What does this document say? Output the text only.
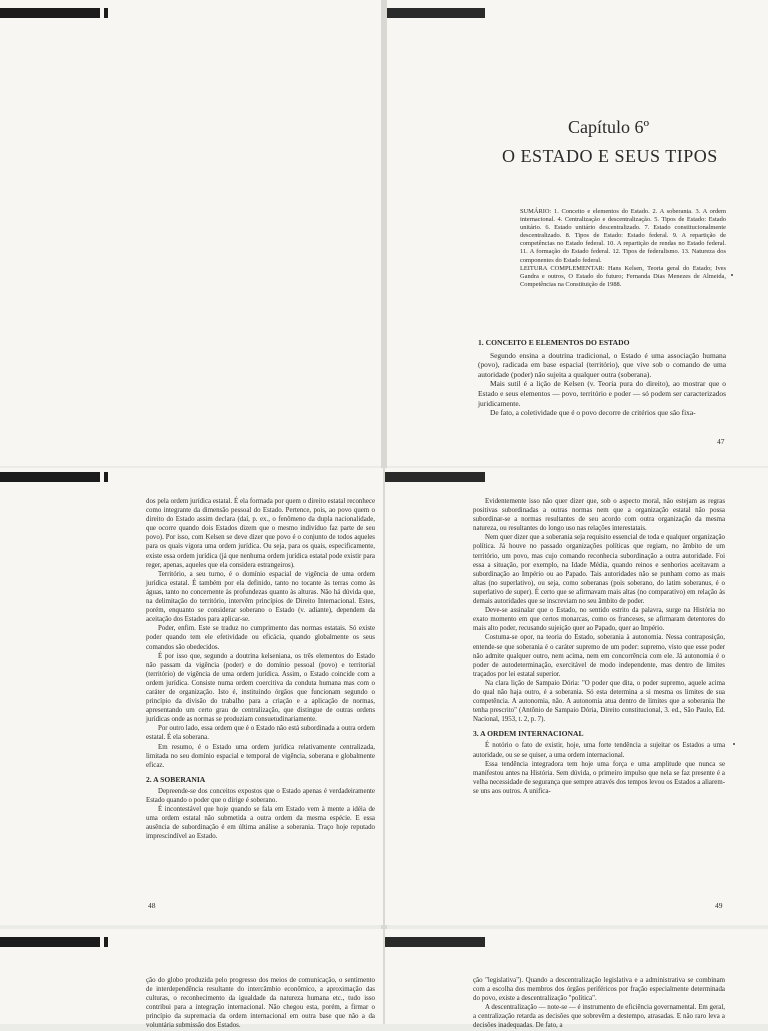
Capítulo 6º
O ESTADO E SEUS TIPOS

SUMÁRIO: 1. Conceito e elementos do Estado. 2. A soberania. 3. A ordem internacional. 4. Centralização e descentralização. 5. Tipos de Estado: Estado unitário. 6. Estado unitário descentralizado. 7. Estado constitucionalmente descentralizado. 8. Tipos de Estado: Estado federal. 9. A repartição de competências no Estado federal. 10. A repartição de rendas no Estado federal. 11. A formação do Estado federal. 12. Tipos de federalismo. 13. Natureza dos componentes do Estado federal.

LEITURA COMPLEMENTAR: Hans Kelsen, Teoria geral do Estado; Ives Gandra e outros, O Estado do futuro; Fernanda Dias Menezes de Almeida, Competências na Constituição de 1988.

1. CONCEITO E ELEMENTOS DO ESTADO

Segundo ensina a doutrina tradicional, o Estado é uma associação humana (povo), radicada em base espacial (território), que vive sob o comando de uma autoridade (poder) não sujeita a qualquer outra (soberana).

Mais sutil é a lição de Kelsen (v. Teoria pura do direito), ao mostrar que o Estado e seus elementos — povo, território e poder — só podem ser caracterizados juridicamente.

De fato, a coletividade que é o povo decorre de critérios que são fixa-

47

dos pela ordem jurídica estatal. É ela formada por quem o direito estatal reconhece como integrante da dimensão pessoal do Estado. Pertence, pois, ao povo quem o direito do Estado assim declara (daí, p. ex., o fenômeno da dupla nacionalidade, que ocorre quando dois Estados dizem que o mesmo indivíduo faz parte de seu povo). Por isso, com Kelsen se deve dizer que povo é o conjunto de todos aqueles para os quais vigora uma ordem jurídica. Ou seja, para os quais, especificamente, existe essa ordem jurídica (já que nenhuma ordem jurídica estatal pode existir para reger, apenas, aqueles que ela considera estrangeiros).

Território, a seu turno, é o domínio espacial de vigência de uma ordem jurídica estatal. É também por ela definido, tanto no tocante às terras como às águas, tanto no concernente às profundezas quanto às alturas. Não há dúvida que, na delimitação do território, intervêm princípios de Direito Internacional. Estes, porém, enquanto se considerar soberano o Estado (v. adiante), dependem da aceitação dos Estados para aplicar-se.

Poder, enfim. Este se traduz no cumprimento das normas estatais. Só existe poder quando tem ele efetividade ou eficácia, quando globalmente os seus comandos são obedecidos.

É por isso que, segundo a doutrina kelseniana, os três elementos do Estado não passam da vigência (poder) e do domínio pessoal (povo) e territorial (território) de vigência de uma ordem jurídica. Assim, o Estado coincide com a ordem jurídica. Consiste numa ordem coercitiva da conduta humana mas com o caráter de organização. Isto é, instituindo órgãos que funcionam segundo o princípio da divisão do trabalho para a criação e a aplicação de normas, apresentando um certo grau de centralização, que distingue de outras ordens jurídicas onde as normas se produziam consuetudinariamente.

Por outro lado, essa ordem que é o Estado não está subordinada a outra ordem estatal. É ela soberana.

Em resumo, é o Estado uma ordem jurídica relativamente centralizada, limitada no seu domínio espacial e temporal de vigência, soberana e globalmente eficaz.

2. A SOBERANIA

Depreende-se dos conceitos expostos que o Estado apenas é verdadeiramente Estado quando o poder que o dirige é soberano.

É incontestável que hoje quando se fala em Estado vem à mente a idéia de uma ordem estatal não submetida a outra ordem da mesma espécie. E essa ausência de subordinação é em última análise a soberania. Traço hoje reputado imprescindível ao Estado.

48

Evidentemente isso não quer dizer que, sob o aspecto moral, não estejam as regras positivas subordinadas a outras normas nem que a organização estatal não possa subordinar-se a normas resultantes de seu acordo com outra organização da mesma natureza, ou resultantes do longo uso nas relações interestatais.

Nem quer dizer que a soberania seja requisito essencial de toda e qualquer organização política. Já houve no passado organizações políticas que regiam, no âmbito de um território, um povo, mas cujo comando reconhecia subordinação a outra autoridade. Foi essa a situação, por exemplo, na Idade Média, quando reinos e senhorios aceitavam a subordinação ao Império ou ao Papado. Tais autoridades não se punham como as mais altas (no superlativo), ou seja, como soberanas (pois soberano, do latim soberanus, é o superlativo de super). É certo que se afirmavam mais altas (no comparativo) em relação às demais autoridades que se inscreviam no seu âmbito de poder.

Deve-se assinalar que o Estado, no sentido estrito da palavra, surge na História no exato momento em que certos monarcas, como os franceses, se afirmaram detentores do mais alto poder, recusando sujeição quer ao Papado, quer ao Império.

Costuma-se opor, na teoria do Estado, soberania à autonomia. Nessa contraposição, entende-se que soberania é o caráter supremo de um poder: supremo, visto que esse poder não admite qualquer outro, nem acima, nem em concorrência com ele. Já autonomia é o poder de autodeterminação, exercitável de modo independente, mas dentro de limites traçados por lei estatal superior.

Na clara lição de Sampaio Dória: "O poder que dita, o poder supremo, aquele acima do qual não haja outro, é a soberania. Só esta determina a si mesma os limites de sua competência. A autonomia, não. A autonomia atua dentro de limites que a soberania lhe tenha prescrito" (Antônio de Sampaio Dória, Direito constitucional, 3. ed., São Paulo, Ed. Nacional, 1953, t. 2, p. 7).

3. A ORDEM INTERNACIONAL

É notório o fato de existir, hoje, uma forte tendência a sujeitar os Estados a uma autoridade, ou se se quiser, a uma ordem internacional.

Essa tendência integradora tem hoje uma força e uma amplitude que nunca se manifestou antes na História. Sem dúvida, o primeiro impulso que nela se faz presente é a velha necessidade de segurança que sempre através dos tempos levou os Estados a aliarem-se uns aos outros. A unifica-

49

ção do globo produzida pelo progresso dos meios de comunicação, o sentimento de interdependência resultante do intercâmbio econômico, a aproximação das culturas, o reconhecimento da igualdade da natureza humana etc., tudo isso contribui para a integração internacional. Não chegou esta, porém, a firmar o princípio da supremacia da ordem internacional em outra base que não a da voluntária submissão dos Estados.

ção "legislativa"). Quando a descentralização legislativa e a administrativa se combinam com a escolha dos membros dos órgãos periféricos por fração especialmente determinada do povo, existe a descentralização "política".

A descentralização — note-se — é instrumento de eficiência governamental. Em geral, a centralização retarda as decisões que sobrevêm a destempo, atrasadas. E não raro leva a decisões inadequadas. De fato, a
